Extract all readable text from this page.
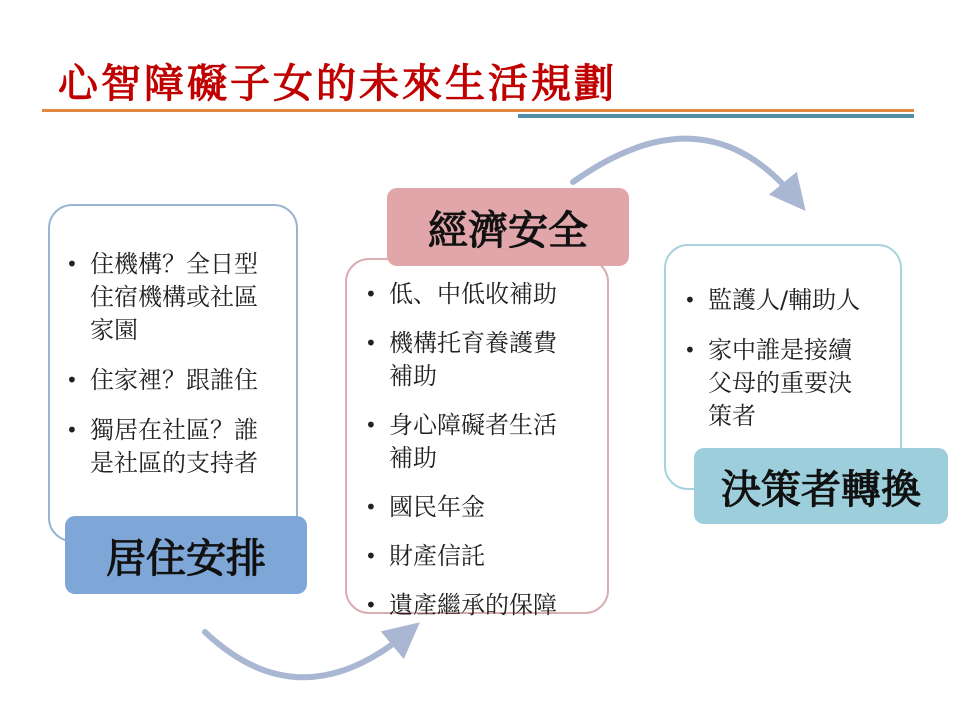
心智障礙子女的未來生活規劃
• 住機構？全日型
住宿機構或社區
家園
• 住家裡？跟誰住
• 獨居在社區？誰
是社區的支持者
• 低、中低收補助
• 機構托育養護費
補助
• 身心障礙者生活
補助
• 國民年金
• 財產信託
• 遺產繼承的保障
• 監護人/輔助人
• 家中誰是接續
父母的重要決
策者
居住安排
經濟安全
決策者轉換
